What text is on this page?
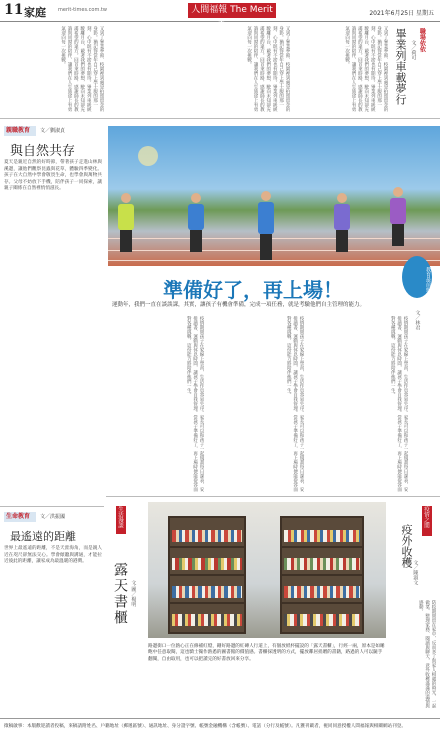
11 家庭 merit-times.com.tw	人間福報 The Merit Times
2021年6月25日 星期五
又到了畢業季節，校園裡到處是拍照留念的身影。猶記得當年自己穿上學士服的那一刻，心中既有不捨也有期待。畢業列車緩緩駛離月台，載著我們的夢想，駛向未知卻充滿希望的遠方。回首來時路，感謝師長的教誨與同窗的陪伴，讓我們在人生旅途上有勇氣迎向每一次挑戰。	又到了畢業季節，校園裡到處是拍照留念的身影。猶記得當年自己穿上學士服的那一刻，心中既有不捨也有期待。畢業列車緩緩駛離月台，載著我們的夢想，駛向未知卻充滿希望的遠方。回首來時路，感謝師長的教誨與同窗的陪伴，讓我們在人生旅途上有勇氣迎向每一次挑戰。	又到了畢業季節，校園裡到處是拍照留念的身影。猶記得當年自己穿上學士服的那一刻，心中既有不捨也有期待。畢業列車緩緩駛離月台，載著我們的夢想，駛向未知卻充滿希望的遠方。回首來時路，感謝師長的教誨與同窗的陪伴，讓我們在人生旅途上有勇氣迎向每一次挑戰。	職場依依
文／荷可
畢業列車載夢行
親職教育	文／劉淑貞
與自然共存
夏天是親近自然的好時節，帶著孩子走進山林與溪邊，讓他們觀察昆蟲與花草，體驗四季變化。孩子在大自然中學會敬畏生命，也學會與萬物共存。父母不妨放下手機，陪伴孩子一同探索，讓親子關係在自然裡悄悄滋長。
準備好了，再上場！	教育最前線
運動年，我們一直在談談課，其實，讓孩子有機會準備，完成一項任務，就是考驗他們自主管理的能力。
疫情期間孩子在家線上學習，生活作息容易失序。家長可以和孩子一起規畫每日課表，安排讀書、運動與休息時間，讓孩子學會自我管理。當孩子準備好了，再上場時便能從容面對各種挑戰，這份能力將陪伴他們一生。	疫情期間孩子在家線上學習，生活作息容易失序。家長可以和孩子一起規畫每日課表，安排讀書、運動與休息時間，讓孩子學會自我管理。當孩子準備好了，再上場時便能從容面對各種挑戰，這份能力將陪伴他們一生。	疫情期間孩子在家線上學習，生活作息容易失序。家長可以和孩子一起規畫每日課表，安排讀書、運動與休息時間，讓孩子學會自我管理。當孩子準備好了，再上場時便能從容面對各種挑戰，這份能力將陪伴他們一生。	文／林君
生命教育	文／洪振國
最遙遠的距離
世界上最遙遠的距離，不是天涯海角，而是親人近在咫尺卻無法交心。學會傾聽與溝通，才能拉近彼此的距離，讓家成為最溫暖的港灣。
生活漫談
露天書櫃 文‧圖／楊明
路邊街口一位熱心正在修補紅燈，剛好路邊的紅磚人行道上，有個放紙杯擺設的「露天書櫃」，行經一兩，原本是如睡飽中任意取閱，這也騎士獨作熱悉的圖書館的價值感。書櫃採透明的方式，擺放鄰居捐贈的書籍，路過的人可以隨手翻閱，自由取用，也可以把讀完的好書放回來分享。
疫情之間
疫外收穫
文／陳淑文
防疫期間留在家中，反而多了與家人相處的時光，一起做菜、整理家務、閱讀與聊天，意外收穫滿滿的溫情與感動。
徵稿啟事：本版歡迎讀者投稿，來稿請附姓名、戶籍地址（郵遞區號）、通訊地址、身分證字號、帳號金融機構（含帳號）、電話（分行及帳號）。凡獲刊載者，視同同意授權人間福報與相關網站刊登。
